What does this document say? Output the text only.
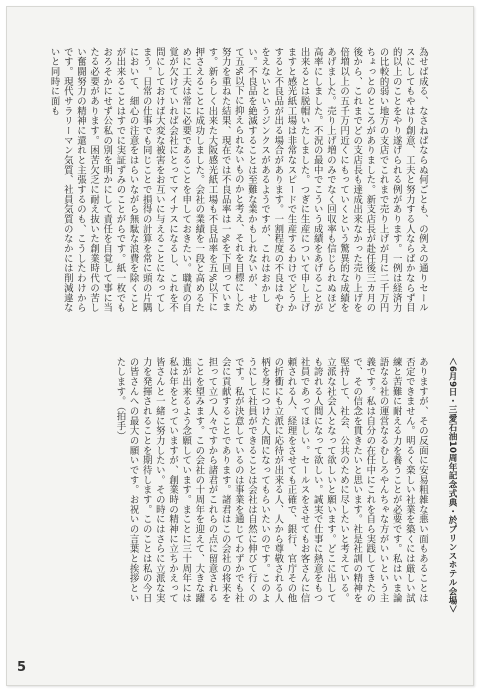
為せば成る、なさねばならぬ何ごとも、の例えの通りセールスにしてもやはり創意、工夫と努力する人ならばかならず目的以上のことをやり遂げられる例があります。一例は経済力の比較的弱い地方の支店でこれまで売り上げが月に二千万円ちょっとのところがありました。新支店長が赴任後三カ月の後から、これまでどの支店長も達成出来なかった売り上げを倍増以上の五千万円近くにもっていくという驚異的な成績をあげました。売り上げ増のみでなく回収率も信じられぬほど高率にしました。不況の最中でこういう成績をあげることが出来るとは脱帽いたしました。つぎに生産について申し上げますと感光紙工場は非常なスピードで生産するわけでどうかすると不良品が出る場合があります。一割程度の不良はやむをえないというジンクスがあるようですが、これはおかしい。不良品を絶滅することは至難な業かもしれないが、せめて五%以下に抑えられないものかと考え、それを目標にした努力を重ねた結果、現在では不良品率は一%を下回っています。新らしく出来た大阪感光紙工場も不良品率を五%以下に押さえることに成功しました。会社の業績を一段と高めるために工夫は常に必要であることを申しておきたい。職責の自覚が欠けていれば会社にとってマイナスになるし、これを不問にしておけば大変な被害をお互いに与えることになってしまう。日常の仕事でも同じことで損得の計算を常に頭の片隅において、細心の注意をはらいながら無駄な浪費を除くことが出来ることはすでに実証ずみのことがらです。紙一枚でもおろそかにせず公私の別を明かにして責任を自覚して事に当たる必要があります。困苦欠乏に耐え抜いた創業時代の苦しい奮闘努力の精神に還れと主張するのも、こうしたわけからです。現代サラリーマン気質、社員気質のなかには削減違ないと同時に面も

ありますが、その反面に安易粗雑な悪い面もあることは否定できません。明るく楽しい社業を築くには厳しい試練と苦難に耐える力を養うことが必要です。私はいま論語なる社の運営なるむしろやんちゃな方がいいという主義です。私は自分の在任中にこれを自ら実践してきたので、その信念を貫きたいと思います。社是社訓の精神を堅持して、社会、公共のために尽したいと考えている。立派な社会人となって欲しいと願います。どこに出しても誇れる人間になって欲しい。誠実で仕事に熱意をもつ社員であってほしい。セールスをさせてもお客さんに信頼される人、経理をさせても正確で、銀行、官庁その他の折衝にも立派に応待が出来る人、人から尊敬される人柄を身につけた人間になってもらいたいのです。このようにして社員ができることは会社は自然に伸びて行くのです。私が決意しているのは事業を通じてわずかでも社会に貢献することであります。諸君はこの会社の将来を担って立つ人々ですから諸君がこれらの点に留意されることを望みます。この会社の十周年を迎えて、大きな躍進が出来るよう念願しています。まことに三十周年には私は年をとっていますが、創業時の精神に立ちかえって皆さんと一緒に努力したい。その時にはさらに立派な実力を発揮されることを期待します。このことは私の今日の皆さんへの最大の願いです。お祝いの言葉と挨拶といたします。（拍手）	＜6月9日・三愛石油10周年記念式典・於プリンスホテル会場＞

5
